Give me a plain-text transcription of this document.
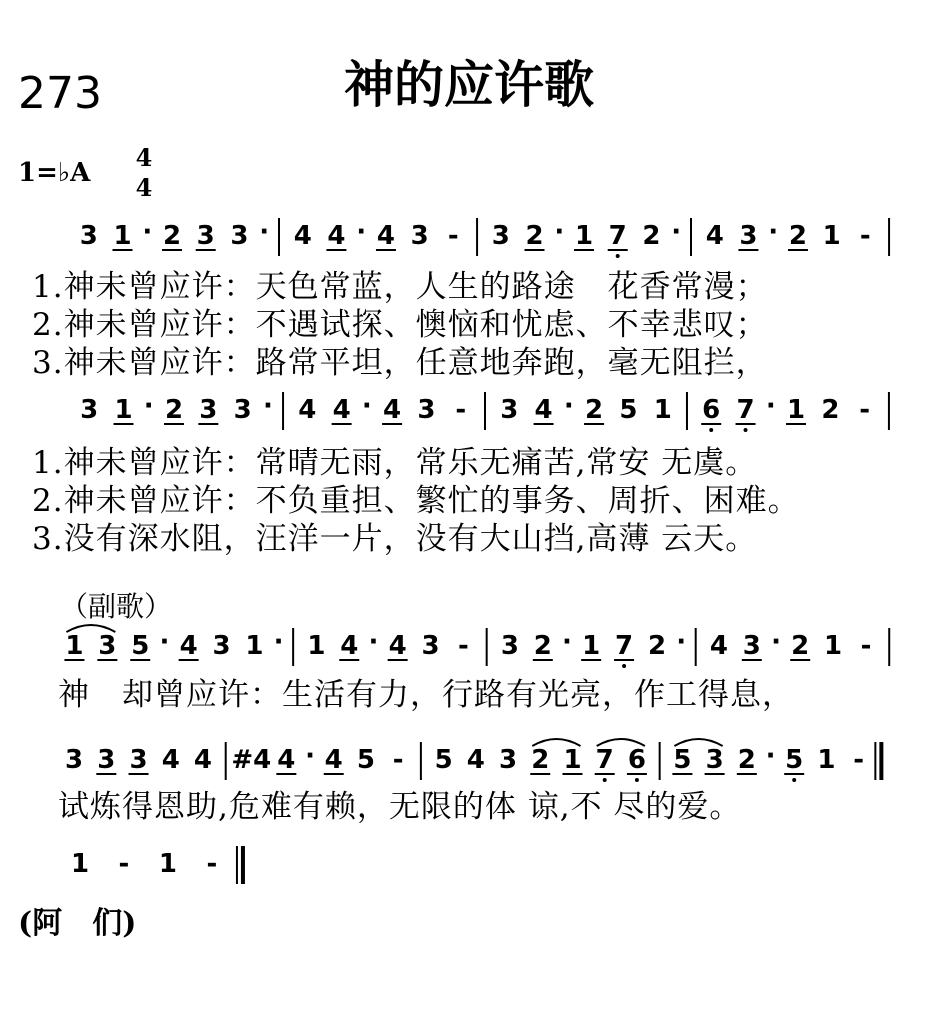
273	神的应许歌
1=♭A
4
4
3 1 · 2 3 3 · 4 4 · 4 3 - 3 2 · 1 7 2 · 4 3 · 2 1 -
3 1 · 2 3 3 · 4 4 · 4 3 - 3 4 · 2 5 1 6 7 · 1 2 -
1 3 5 · 4 3 1 · 1 4 · 4 3 - 3 2 · 1 7 2 · 4 3 · 2 1 -
3 3 3 4 4 #4 4 · 4 5 - 5 4 3 2 1 7 6 5 3 2 · 5 1 -
1 - 1 -
1.神未曾应许：天色常蓝，人生的路途　花香常漫；
2.神未曾应许：不遇试探、懊恼和忧虑、不幸悲叹；
3.神未曾应许：路常平坦，任意地奔跑，毫无阻拦，
1.神未曾应许：常晴无雨，常乐无痛苦,常安 无虞。
2.神未曾应许：不负重担、繁忙的事务、周折、困难。
3.没有深水阻，汪洋一片，没有大山挡,高薄 云天。
（副歌）
神　却曾应许：生活有力，行路有光亮，作工得息，
试炼得恩助,危难有赖，无限的体 谅,不 尽的爱。
(阿　们)
